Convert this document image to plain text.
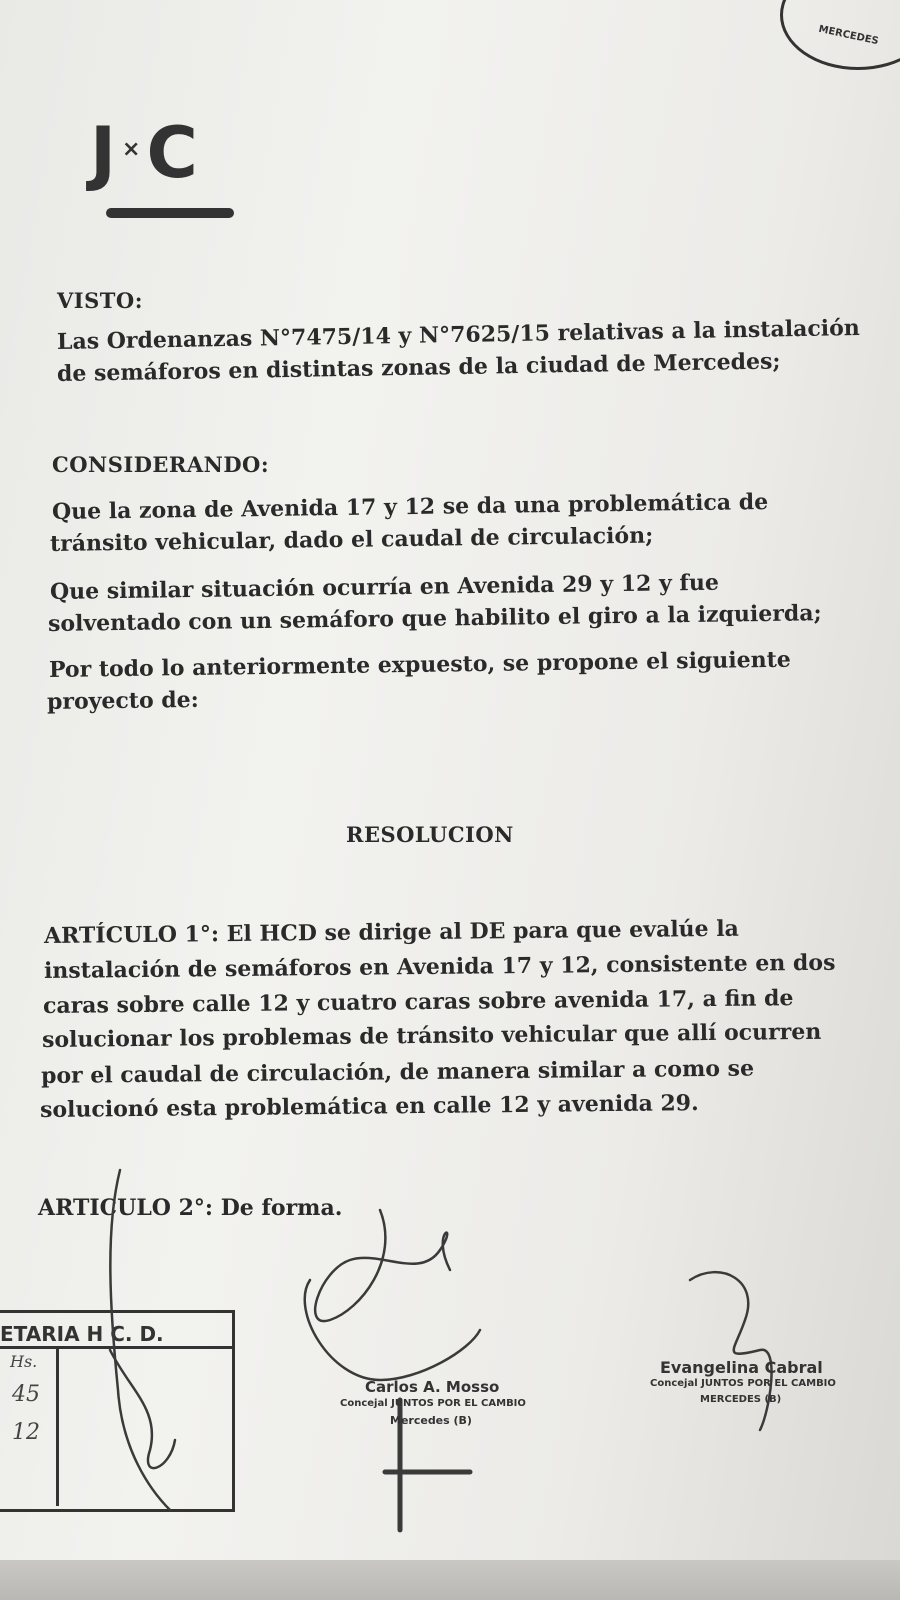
MERCEDES
J ×C
VISTO:
Las Ordenanzas N°7475/14 y N°7625/15 relativas a la instalación
de semáforos en distintas zonas de la ciudad de Mercedes;
CONSIDERANDO:
Que la zona de Avenida 17 y 12 se da una problemática de
tránsito vehicular, dado el caudal de circulación;
Que similar situación ocurría en Avenida 29 y 12 y fue
solventado con un semáforo que habilito el giro a la izquierda;
Por todo lo anteriormente expuesto, se propone el siguiente
proyecto de:
RESOLUCION
ARTÍCULO 1°: El HCD se dirige al DE para que evalúe la
instalación de semáforos en Avenida 17 y 12, consistente en dos
caras sobre calle 12 y cuatro caras sobre avenida 17, a fin de
solucionar los problemas de tránsito vehicular que allí ocurren
por el caudal de circulación, de manera similar a como se
solucionó esta problemática en calle 12 y avenida 29.
ARTICULO 2°: De forma.
ETARIA H C. D.
Hs.
45
12
Carlos A. Mosso
Concejal JUNTOS POR EL CAMBIO
Mercedes (B)
Evangelina Cabral
Concejal JUNTOS POR EL CAMBIO
MERCEDES (B)
